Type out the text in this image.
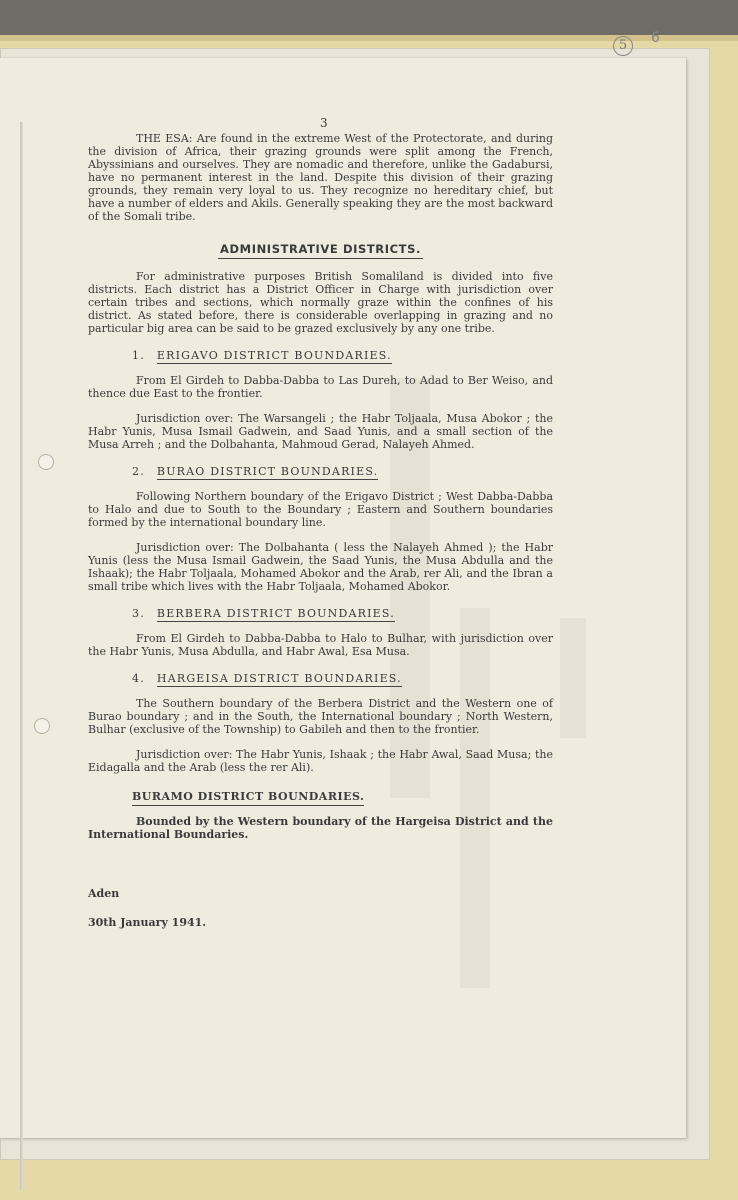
3

THE ESA: Are found in the extreme West of the Protectorate, and during the division of Africa, their grazing grounds were split among the French, Abyssinians and ourselves. They are nomadic and therefore, unlike the Gadabursi, have no permanent interest in the land. Despite this division of their grazing grounds, they remain very loyal to us. They recognize no hereditary chief, but have a number of elders and Akils. Generally speaking they are the most backward of the Somali tribe.

ADMINISTRATIVE DISTRICTS.

For administrative purposes British Somaliland is divided into five districts. Each district has a District Officer in Charge with jurisdiction over certain tribes and sections, which normally graze within the confines of his district. As stated before, there is considerable overlapping in grazing and no particular big area can be said to be grazed exclusively by any one tribe.

1. ERIGAVO DISTRICT BOUNDARIES.

From El Girdeh to Dabba-Dabba to Las Dureh, to Adad to Ber Weiso, and thence due East to the frontier.

Jurisdiction over: The Warsangeli ; the Habr Toljaala, Musa Abokor ; the Habr Yunis, Musa Ismail Gadwein, and Saad Yunis, and a small section of the Musa Arreh ; and the Dolbahanta, Mahmoud Gerad, Nalayeh Ahmed.

2. BURAO DISTRICT BOUNDARIES.

Following Northern boundary of the Erigavo District ; West Dabba-Dabba to Halo and due to South to the Boundary ; Eastern and Southern boundaries formed by the international boundary line.

Jurisdiction over: The Dolbahanta ( less the Nalayeh Ahmed ); the Habr Yunis (less the Musa Ismail Gadwein, the Saad Yunis, the Musa Abdulla and the Ishaak); the Habr Toljaala, Mohamed Abokor and the Arab, rer Ali, and the Ibran a small tribe which lives with the Habr Toljaala, Mohamed Abokor.

3. BERBERA DISTRICT BOUNDARIES.

From El Girdeh to Dabba-Dabba to Halo to Bulhar, with jurisdiction over the Habr Yunis, Musa Abdulla, and Habr Awal, Esa Musa.

4. HARGEISA DISTRICT BOUNDARIES.

The Southern boundary of the Berbera District and the Western one of Burao boundary ; and in the South, the International boundary ; North Western, Bulhar (exclusive of the Township) to Gabileh and then to the frontier.

Jurisdiction over: The Habr Yunis, Ishaak ; the Habr Awal, Saad Musa; the Eidagalla and the Arab (less the rer Ali).

BURAMO DISTRICT BOUNDARIES.

Bounded by the Western boundary of the Hargeisa District and the International Boundaries.

Aden
30th January 1941.
5	6
